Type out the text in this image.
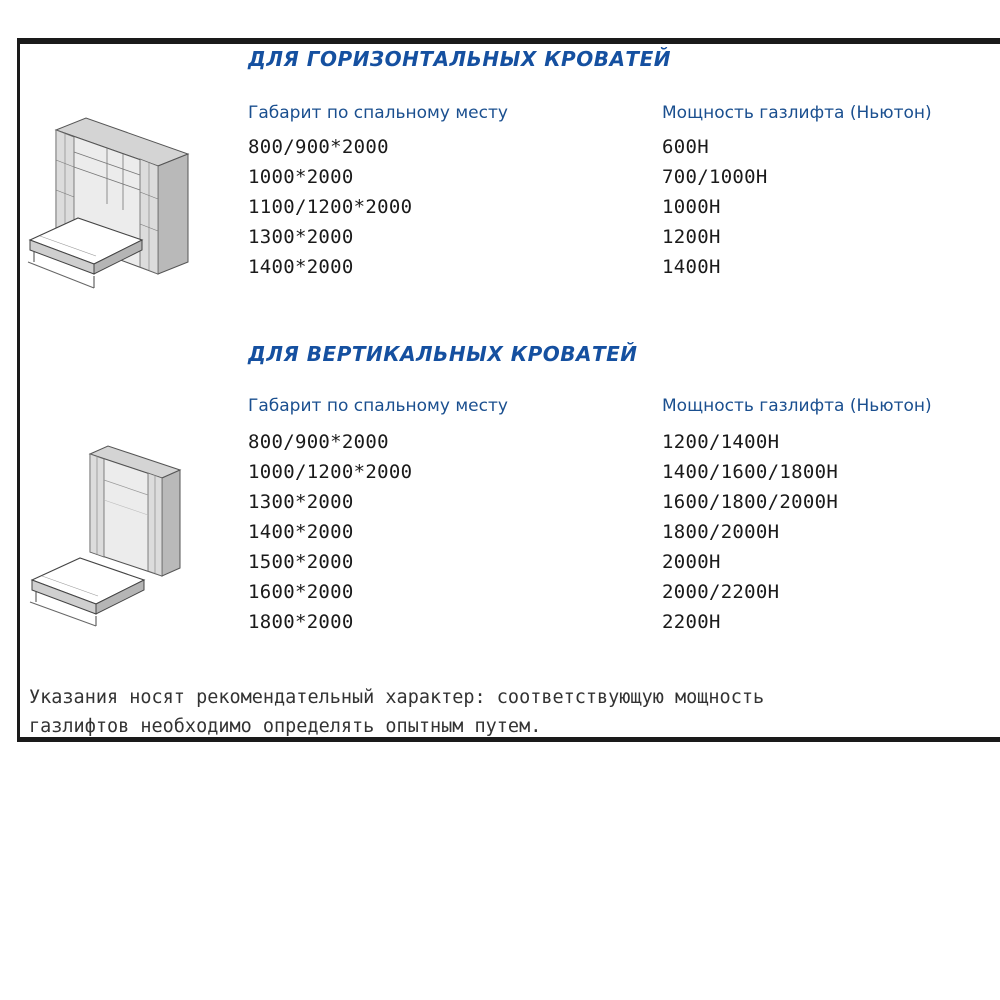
ДЛЯ ГОРИЗОНТАЛЬНЫХ КРОВАТЕЙ
Габарит по спальному месту	Мощность газлифта (Ньютон)
800/900*2000
1000*2000
1100/1200*2000
1300*2000
1400*2000
600Н
700/1000Н
1000Н
1200Н
1400Н
ДЛЯ ВЕРТИКАЛЬНЫХ КРОВАТЕЙ
Габарит по спальному месту	Мощность газлифта (Ньютон)
800/900*2000
1000/1200*2000
1300*2000
1400*2000
1500*2000
1600*2000
1800*2000
1200/1400Н
1400/1600/1800Н
1600/1800/2000Н
1800/2000Н
2000Н
2000/2200Н
2200Н

Указания носят рекомендательный характер: соответствующую мощность
газлифтов необходимо определять опытным путем.
